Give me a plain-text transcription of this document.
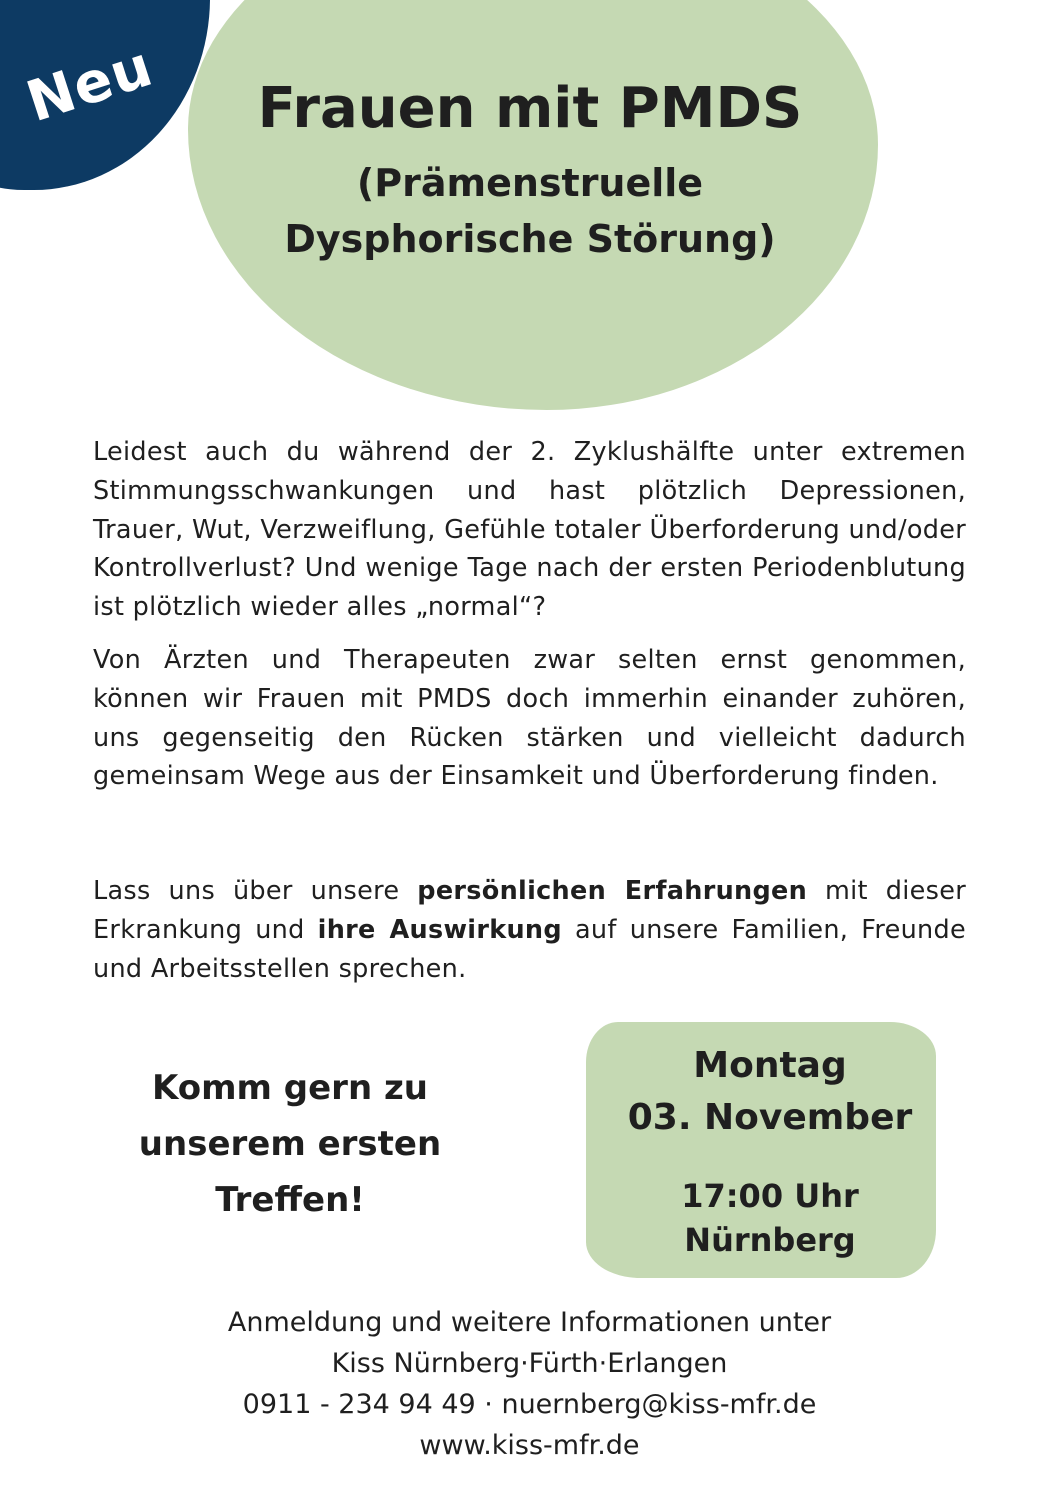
Neu	Frauen mit PMDS
(Prämenstruelle
Dysphorische Störung)

Leidest auch du während der 2. Zyklushälfte unter extremen Stimmungsschwankungen und hast plötzlich Depressionen, Trauer, Wut, Verzweiflung, Gefühle totaler Überforderung und/oder Kontrollverlust? Und wenige Tage nach der ersten Periodenblutung ist plötzlich wieder alles „normal“?

Von Ärzten und Therapeuten zwar selten ernst genommen, können wir Frauen mit PMDS doch immerhin einander zuhören, uns gegenseitig den Rücken stärken und vielleicht dadurch gemeinsam Wege aus der Einsamkeit und Überforderung finden.

Lass uns über unsere persönlichen Erfahrungen mit dieser Erkrankung und ihre Auswirkung auf unsere Familien, Freunde und Arbeitsstellen sprechen.

Komm gern zu
unserem ersten
Treffen!
Montag
03. November
17:00 Uhr
Nürnberg
Anmeldung und weitere Informationen unter
Kiss Nürnberg·Fürth·Erlangen
0911 - 234 94 49 · nuernberg@kiss-mfr.de
www.kiss-mfr.de
